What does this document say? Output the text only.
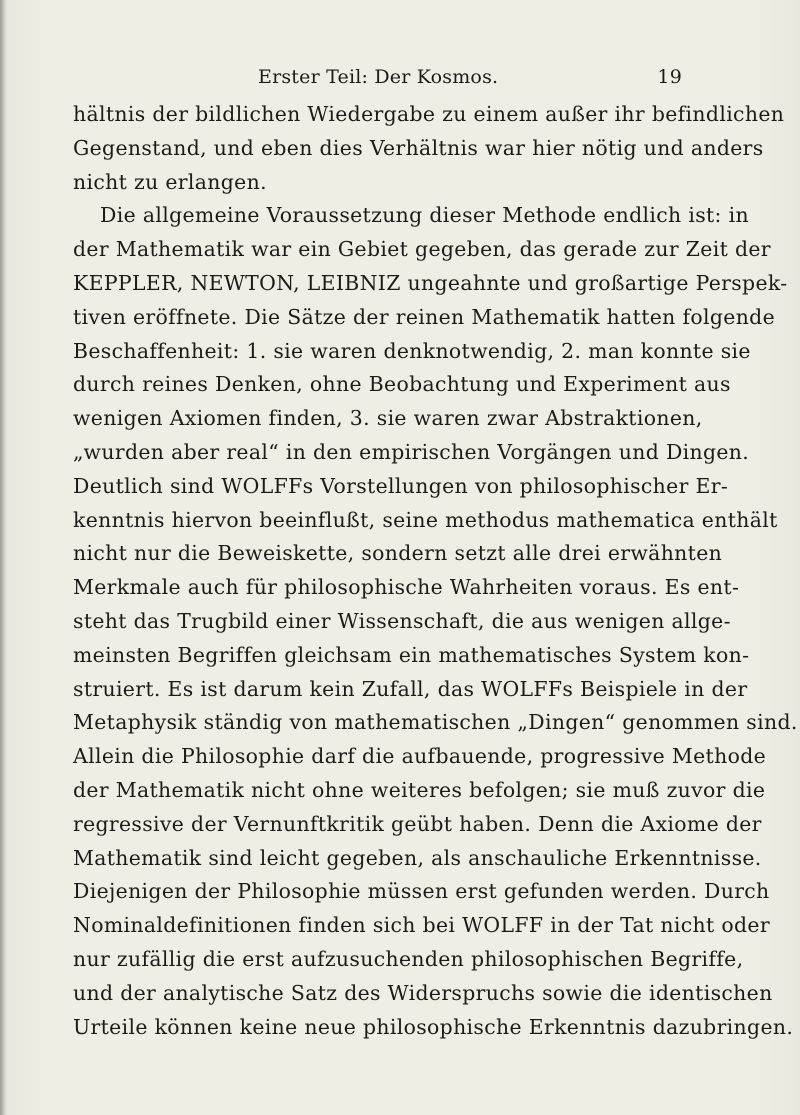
Erster Teil: Der Kosmos.	19
hältnis der bildlichen Wiedergabe zu einem außer ihr befindlichen
Gegenstand, und eben dies Verhältnis war hier nötig und anders
nicht zu erlangen.
Die allgemeine Voraussetzung dieser Methode endlich ist: in
der Mathematik war ein Gebiet gegeben, das gerade zur Zeit der
KEPPLER, NEWTON, LEIBNIZ ungeahnte und großartige Perspek-
tiven eröffnete. Die Sätze der reinen Mathematik hatten folgende
Beschaffenheit: 1. sie waren denknotwendig, 2. man konnte sie
durch reines Denken, ohne Beobachtung und Experiment aus
wenigen Axiomen finden, 3. sie waren zwar Abstraktionen,
„wurden aber real“ in den empirischen Vorgängen und Dingen.
Deutlich sind WOLFFs Vorstellungen von philosophischer Er-
kenntnis hiervon beeinflußt, seine methodus mathematica enthält
nicht nur die Beweiskette, sondern setzt alle drei erwähnten
Merkmale auch für philosophische Wahrheiten voraus. Es ent-
steht das Trugbild einer Wissenschaft, die aus wenigen allge-
meinsten Begriffen gleichsam ein mathematisches System kon-
struiert. Es ist darum kein Zufall, das WOLFFs Beispiele in der
Metaphysik ständig von mathematischen „Dingen“ genommen sind.
Allein die Philosophie darf die aufbauende, progressive Methode
der Mathematik nicht ohne weiteres befolgen; sie muß zuvor die
regressive der Vernunftkritik geübt haben. Denn die Axiome der
Mathematik sind leicht gegeben, als anschauliche Erkenntnisse.
Diejenigen der Philosophie müssen erst gefunden werden. Durch
Nominaldefinitionen finden sich bei WOLFF in der Tat nicht oder
nur zufällig die erst aufzusuchenden philosophischen Begriffe,
und der analytische Satz des Widerspruchs sowie die identischen
Urteile können keine neue philosophische Erkenntnis dazubringen.
